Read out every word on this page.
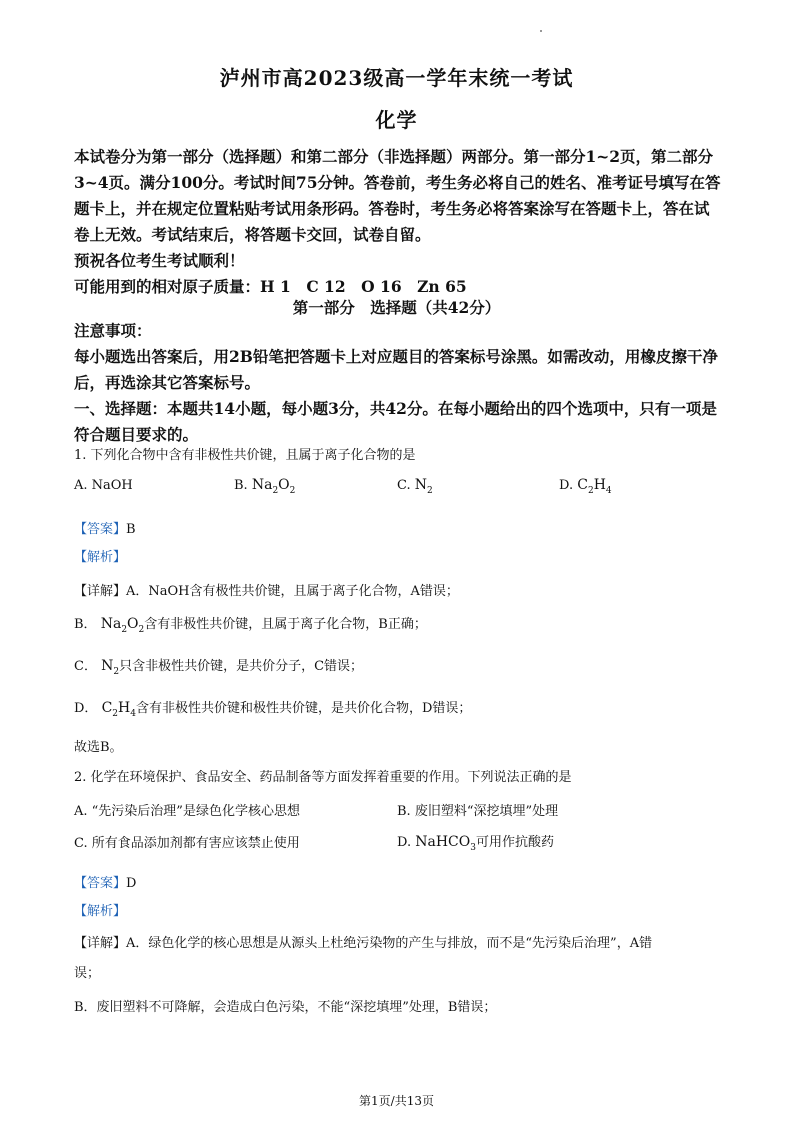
泸州市高2023级高一学年末统一考试
化学

本试卷分为第一部分（选择题）和第二部分（非选择题）两部分。第一部分1~2页，第二部分3~4页。满分100分。考试时间75分钟。答卷前，考生务必将自己的姓名、准考证号填写在答题卡上，并在规定位置粘贴考试用条形码。答卷时，考生务必将答案涂写在答题卡上，答在试卷上无效。考试结束后，将答题卡交回，试卷自留。

预祝各位考生考试顺利！

可能用到的相对原子质量：H 1　C 12　O 16　Zn 65

第一部分　选择题（共42分）

注意事项：

每小题选出答案后，用2B铅笔把答题卡上对应题目的答案标号涂黑。如需改动，用橡皮擦干净后，再选涂其它答案标号。

一、选择题：本题共14小题，每小题3分，共42分。在每小题给出的四个选项中，只有一项是符合题目要求的。

1. 下列化合物中含有非极性共价键，且属于离子化合物的是
A. NaOH	B. $Na_2O_2$	C. $N_2$	D. $C_2H_4$
【答案】B
【解析】
【详解】A．NaOH含有极性共价键，且属于离子化合物，A错误；
B． $Na_2O_2$含有非极性共价键，且属于离子化合物，B正确；
C． $N_2$只含非极性共价键，是共价分子，C错误；
D． $C_2H_4$含有非极性共价键和极性共价键，是共价化合物，D错误；
故选B。
2. 化学在环境保护、食品安全、药品制备等方面发挥着重要的作用。下列说法正确的是
A. “先污染后治理”是绿色化学核心思想	B. 废旧塑料“深挖填埋”处理
C. 所有食品添加剂都有害应该禁止使用	D. NaHCO$_3$可用作抗酸药
【答案】D
【解析】
【详解】A．绿色化学的核心思想是从源头上杜绝污染物的产生与排放，而不是“先污染后治理”，A错
误；
B．废旧塑料不可降解，会造成白色污染，不能“深挖填埋”处理，B错误；
第1页/共13页
